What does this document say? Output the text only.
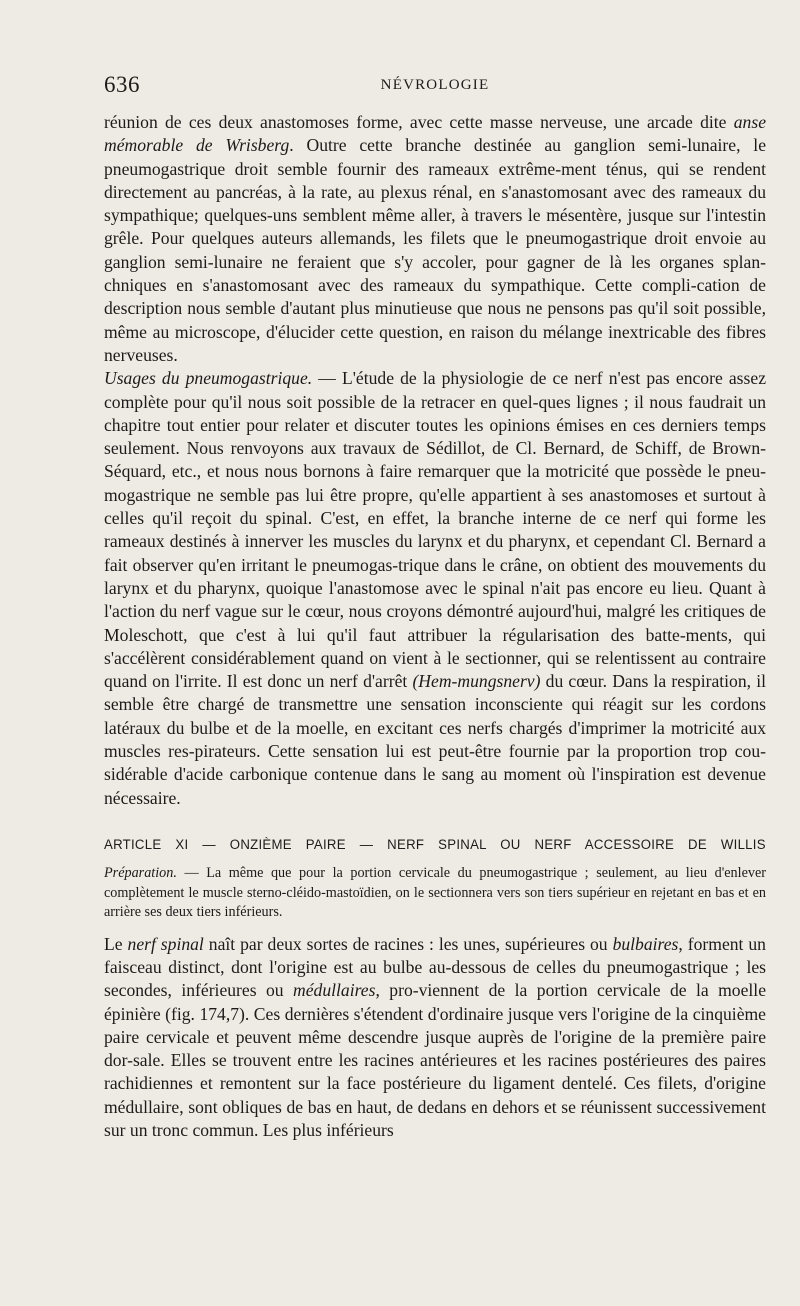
636	NÉVROLOGIE

réunion de ces deux anastomoses forme, avec cette masse nerveuse, une arcade dite anse mémorable de Wrisberg. Outre cette branche destinée au ganglion semi-lunaire, le pneumogastrique droit semble fournir des rameaux extrême-ment ténus, qui se rendent directement au pancréas, à la rate, au plexus rénal, en s'anastomosant avec des rameaux du sympathique; quelques-uns semblent même aller, à travers le mésentère, jusque sur l'intestin grêle. Pour quelques auteurs allemands, les filets que le pneumogastrique droit envoie au ganglion semi-lunaire ne feraient que s'y accoler, pour gagner de là les organes splan-chniques en s'anastomosant avec des rameaux du sympathique. Cette compli-cation de description nous semble d'autant plus minutieuse que nous ne pensons pas qu'il soit possible, même au microscope, d'élucider cette question, en raison du mélange inextricable des fibres nerveuses.

Usages du pneumogastrique. — L'étude de la physiologie de ce nerf n'est pas encore assez complète pour qu'il nous soit possible de la retracer en quel-ques lignes ; il nous faudrait un chapitre tout entier pour relater et discuter toutes les opinions émises en ces derniers temps seulement. Nous renvoyons aux travaux de Sédillot, de Cl. Bernard, de Schiff, de Brown-Séquard, etc., et nous nous bornons à faire remarquer que la motricité que possède le pneu-mogastrique ne semble pas lui être propre, qu'elle appartient à ses anastomoses et surtout à celles qu'il reçoit du spinal. C'est, en effet, la branche interne de ce nerf qui forme les rameaux destinés à innerver les muscles du larynx et du pharynx, et cependant Cl. Bernard a fait observer qu'en irritant le pneumogas-trique dans le crâne, on obtient des mouvements du larynx et du pharynx, quoique l'anastomose avec le spinal n'ait pas encore eu lieu. Quant à l'action du nerf vague sur le cœur, nous croyons démontré aujourd'hui, malgré les critiques de Moleschott, que c'est à lui qu'il faut attribuer la régularisation des batte-ments, qui s'accélèrent considérablement quand on vient à le sectionner, qui se relentissent au contraire quand on l'irrite. Il est donc un nerf d'arrêt (Hem-mungsnerv) du cœur. Dans la respiration, il semble être chargé de transmettre une sensation inconsciente qui réagit sur les cordons latéraux du bulbe et de la moelle, en excitant ces nerfs chargés d'imprimer la motricité aux muscles res-pirateurs. Cette sensation lui est peut-être fournie par la proportion trop cou-sidérable d'acide carbonique contenue dans le sang au moment où l'inspiration est devenue nécessaire.

ARTICLE XI — ONZIÈME PAIRE — NERF SPINAL OU NERF ACCESSOIRE DE WILLIS

Préparation. — La même que pour la portion cervicale du pneumogastrique ; seulement, au lieu d'enlever complètement le muscle sterno-cléido-mastoïdien, on le sectionnera vers son tiers supérieur en rejetant en bas et en arrière ses deux tiers inférieurs.

Le nerf spinal naît par deux sortes de racines : les unes, supérieures ou bulbaires, forment un faisceau distinct, dont l'origine est au bulbe au-dessous de celles du pneumogastrique ; les secondes, inférieures ou médullaires, pro-viennent de la portion cervicale de la moelle épinière (fig. 174,7). Ces dernières s'étendent d'ordinaire jusque vers l'origine de la cinquième paire cervicale et peuvent même descendre jusque auprès de l'origine de la première paire dor-sale. Elles se trouvent entre les racines antérieures et les racines postérieures des paires rachidiennes et remontent sur la face postérieure du ligament dentelé. Ces filets, d'origine médullaire, sont obliques de bas en haut, de dedans en dehors et se réunissent successivement sur un tronc commun. Les plus inférieurs
